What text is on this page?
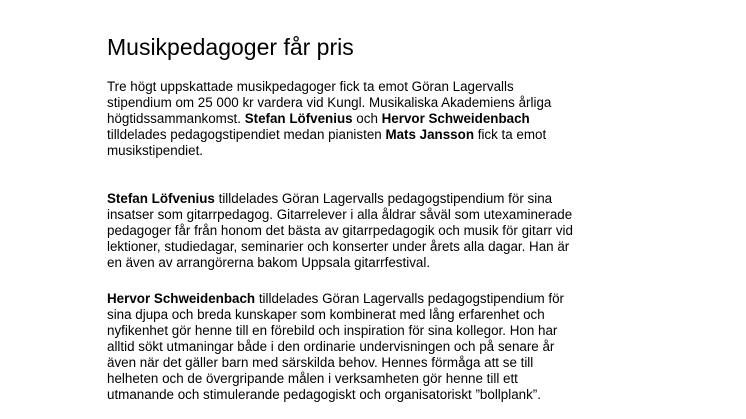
Musikpedagoger får pris
Tre högt uppskattade musikpedagoger fick ta emot Göran Lagervalls
stipendium om 25 000 kr vardera vid Kungl. Musikaliska Akademiens årliga
högtidssammankomst. Stefan Löfvenius och Hervor Schweidenbach
tilldelades pedagogstipendiet medan pianisten Mats Jansson fick ta emot
musikstipendiet.
Stefan Löfvenius tilldelades Göran Lagervalls pedagogstipendium för sina
insatser som gitarrpedagog. Gitarrelever i alla åldrar såväl som utexaminerade
pedagoger får från honom det bästa av gitarrpedagogik och musik för gitarr vid
lektioner, studiedagar, seminarier och konserter under årets alla dagar. Han är
en även av arrangörerna bakom Uppsala gitarrfestival.
Hervor Schweidenbach tilldelades Göran Lagervalls pedagogstipendium för
sina djupa och breda kunskaper som kombinerat med lång erfarenhet och
nyfikenhet gör henne till en förebild och inspiration för sina kollegor. Hon har
alltid sökt utmaningar både i den ordinarie undervisningen och på senare år
även när det gäller barn med särskilda behov. Hennes förmåga att se till
helheten och de övergripande målen i verksamheten gör henne till ett
utmanande och stimulerande pedagogiskt och organisatoriskt ”bollplank”.
